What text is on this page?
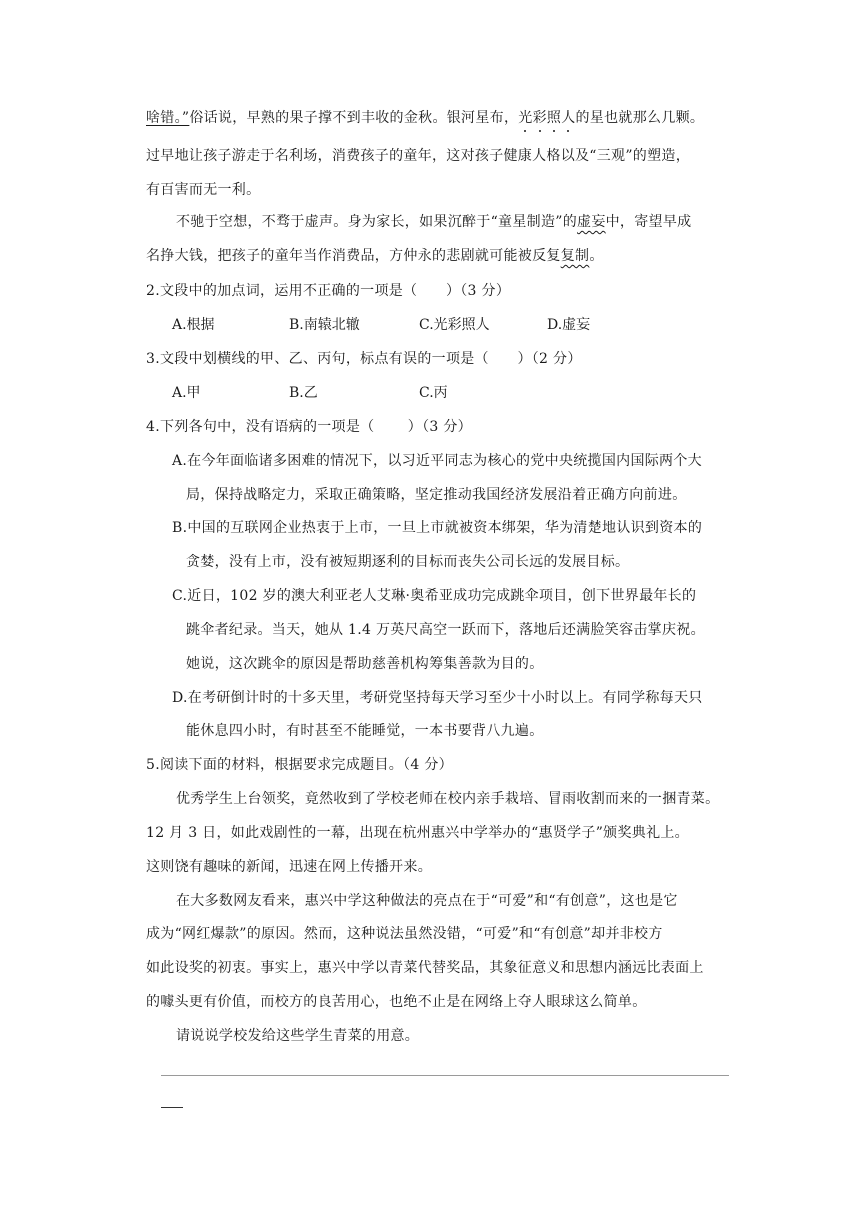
啥错。”俗话说，早熟的果子撑不到丰收的金秋。银河星布，光彩照人的星也就那么几颗。
过早地让孩子游走于名利场，消费孩子的童年，这对孩子健康人格以及“三观”的塑造，
有百害而无一利。
不驰于空想，不骛于虚声。身为家长，如果沉醉于“童星制造”的虚妄中，寄望早成
名挣大钱，把孩子的童年当作消费品，方仲永的悲剧就可能被反复复制。
2.文段中的加点词，运用不正确的一项是（　　）（3 分）
A.根据	B.南辕北辙	C.光彩照人	D.虚妄
3.文段中划横线的甲、乙、丙句，标点有误的一项是（　　）（2 分）
A.甲	B.乙	C.丙
4.下列各句中，没有语病的一项是（　　 ）（3 分）
A.在今年面临诸多困难的情况下，以习近平同志为核心的党中央统揽国内国际两个大
局，保持战略定力，采取正确策略，坚定推动我国经济发展沿着正确方向前进。
B.中国的互联网企业热衷于上市，一旦上市就被资本绑架，华为清楚地认识到资本的
贪婪，没有上市，没有被短期逐利的目标而丧失公司长远的发展目标。
C.近日，102 岁的澳大利亚老人艾琳·奥希亚成功完成跳伞项目，创下世界最年长的
跳伞者纪录。当天，她从 1.4 万英尺高空一跃而下，落地后还满脸笑容击掌庆祝。
她说，这次跳伞的原因是帮助慈善机构筹集善款为目的。
D.在考研倒计时的十多天里，考研党坚持每天学习至少十小时以上。有同学称每天只
能休息四小时，有时甚至不能睡觉，一本书要背八九遍。
5.阅读下面的材料，根据要求完成题目。（4 分）
优秀学生上台领奖，竟然收到了学校老师在校内亲手栽培、冒雨收割而来的一捆青菜。
12 月 3 日，如此戏剧性的一幕，出现在杭州惠兴中学举办的“惠贤学子”颁奖典礼上。
这则饶有趣味的新闻，迅速在网上传播开来。
在大多数网友看来，惠兴中学这种做法的亮点在于“可爱”和“有创意”，这也是它
成为“网红爆款”的原因。然而，这种说法虽然没错，“可爱”和“有创意”却并非校方
如此设奖的初衷。事实上，惠兴中学以青菜代替奖品，其象征意义和思想内涵远比表面上
的噱头更有价值，而校方的良苦用心，也绝不止是在网络上夺人眼球这么简单。
请说说学校发给这些学生青菜的用意。
